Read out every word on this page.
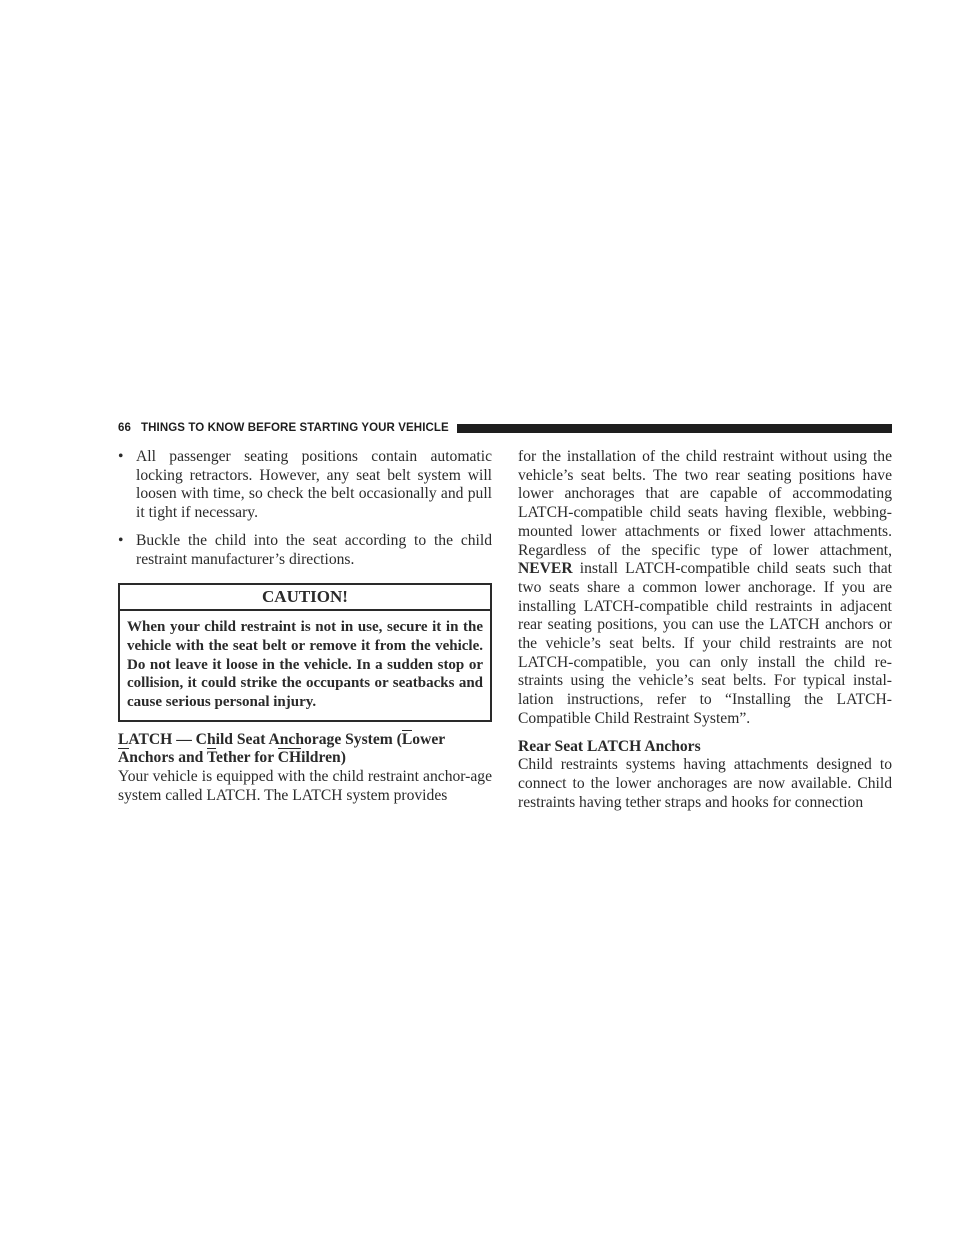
66 THINGS TO KNOW BEFORE STARTING YOUR VEHICLE
• All passenger seating positions contain automatic locking retractors. However, any seat belt system will loosen with time, so check the belt occasionally and pull it tight if necessary.

• Buckle the child into the seat according to the child restraint manufacturer’s directions.

CAUTION!
When your child restraint is not in use, secure it in the vehicle with the seat belt or remove it from the vehicle. Do not leave it loose in the vehicle. In a sudden stop or collision, it could strike the occupants or seatbacks and cause serious personal injury.
LATCH — Child Seat Anchorage System (Lower
Anchors and Tether for CHildren)

Your vehicle is equipped with the child restraint anchor-age system called LATCH. The LATCH system provides

for the installation of the child restraint without using the vehicle’s seat belts. The two rear seating positions have lower anchorages that are capable of accommodating LATCH-compatible child seats having flexible, webbing-mounted lower attachments or fixed lower attachments. Regardless of the specific type of lower attachment, NEVER install LATCH-compatible child seats such that two seats share a common lower anchorage. If you are installing LATCH-compatible child restraints in adjacent rear seating positions, you can use the LATCH anchors or the vehicle’s seat belts. If your child restraints are not LATCH-compatible, you can only install the child re-straints using the vehicle’s seat belts. For typical instal-lation instructions, refer to “Installing the LATCH-Compatible Child Restraint System”.

Rear Seat LATCH Anchors

Child restraints systems having attachments designed to connect to the lower anchorages are now available. Child restraints having tether straps and hooks for connection
